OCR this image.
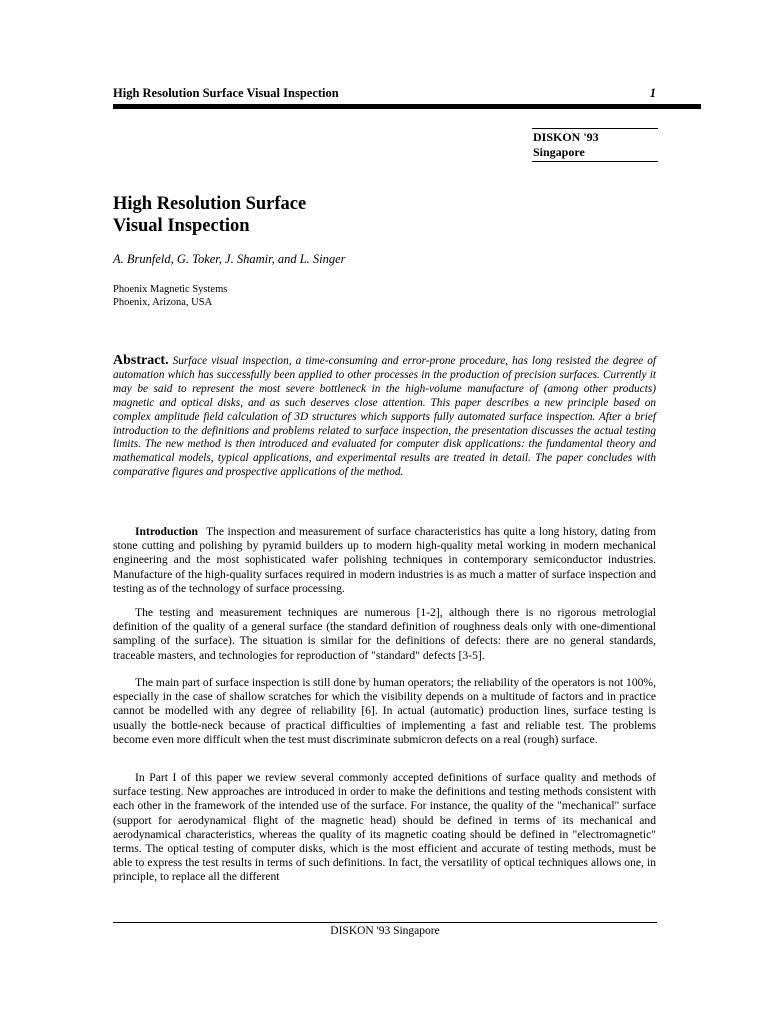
High Resolution Surface Visual Inspection	1
DISKON '93
Singapore
High Resolution Surface
Visual Inspection
A. Brunfeld, G. Toker, J. Shamir, and L. Singer
Phoenix Magnetic Systems
Phoenix, Arizona, USA
Abstract. Surface visual inspection, a time-consuming and error-prone procedure, has long resisted the degree of automation which has successfully been applied to other processes in the production of precision surfaces. Currently it may be said to represent the most severe bottleneck in the high-volume manufacture of (among other products) magnetic and optical disks, and as such deserves close attention. This paper describes a new principle based on complex amplitude field calculation of 3D structures which supports fully automated surface inspection. After a brief introduction to the definitions and problems related to surface inspection, the presentation discusses the actual testing limits. The new method is then introduced and evaluated for computer disk applications: the fundamental theory and mathematical models, typical applications, and experimental results are treated in detail. The paper concludes with comparative figures and prospective applications of the method.
Introduction The inspection and measurement of surface characteristics has quite a long history, dating from stone cutting and polishing by pyramid builders up to modern high-quality metal working in modern mechanical engineering and the most sophisticated wafer polishing techniques in contemporary semiconductor industries. Manufacture of the high-quality surfaces required in modern industries is as much a matter of surface inspection and testing as of the technology of surface processing.
The testing and measurement techniques are numerous [1-2], although there is no rigorous metrologial definition of the quality of a general surface (the standard definition of roughness deals only with one-dimentional sampling of the surface). The situation is similar for the definitions of defects: there are no general standards, traceable masters, and technologies for reproduction of "standard" defects [3-5].
The main part of surface inspection is still done by human operators; the reliability of the operators is not 100%, especially in the case of shallow scratches for which the visibility depends on a multitude of factors and in practice cannot be modelled with any degree of reliability [6]. In actual (automatic) production lines, surface testing is usually the bottle-neck because of practical difficulties of implementing a fast and reliable test. The problems become even more difficult when the test must discriminate submicron defects on a real (rough) surface.
In Part I of this paper we review several commonly accepted definitions of surface quality and methods of surface testing. New approaches are introduced in order to make the definitions and testing methods consistent with each other in the framework of the intended use of the surface. For instance, the quality of the "mechanical" surface (support for aerodynamical flight of the magnetic head) should be defined in terms of its mechanical and aerodynamical characteristics, whereas the quality of its magnetic coating should be defined in "electromagnetic" terms. The optical testing of computer disks, which is the most efficient and accurate of testing methods, must be able to express the test results in terms of such definitions. In fact, the versatility of optical techniques allows one, in principle, to replace all the different
DISKON '93 Singapore
